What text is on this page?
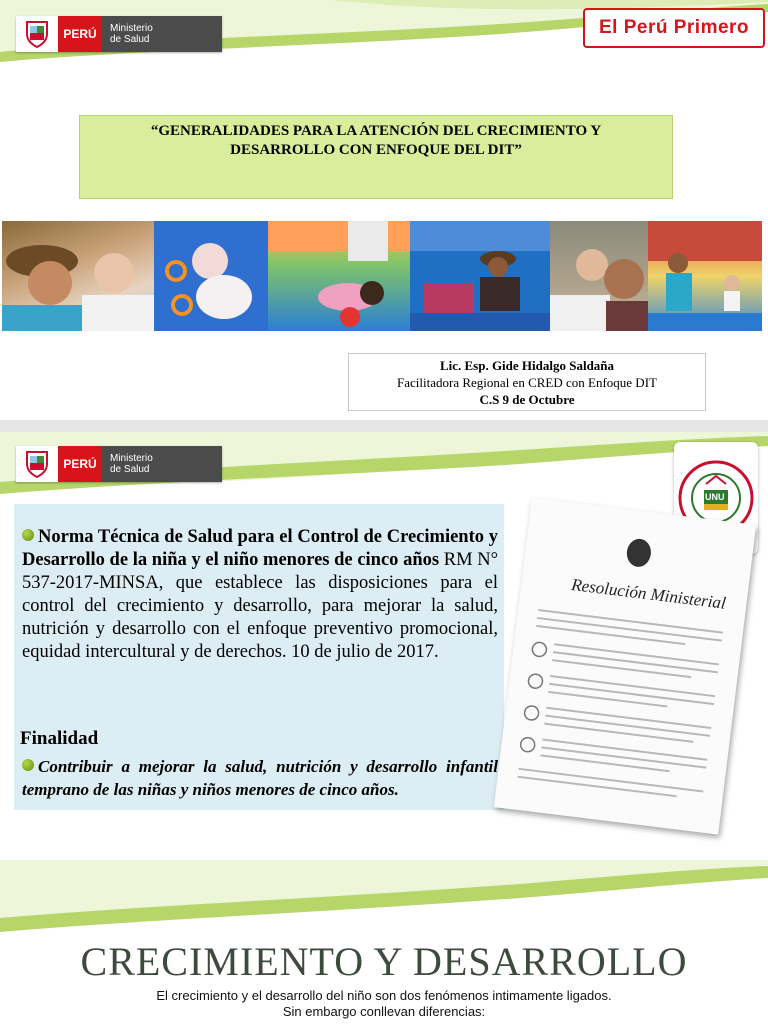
PERÚ	Ministerio
de Salud
El Perú Primero
“GENERALIDADES PARA LA ATENCIÓN DEL CRECIMIENTO Y
DESARROLLO CON ENFOQUE DEL DIT”
Lic. Esp. Gide Hidalgo Saldaña
Facilitadora Regional en CRED con Enfoque DIT
C.S 9 de Octubre
PERÚ	Ministerio
de Salud
UNU
Norma Técnica de Salud para el Control de Crecimiento y Desarrollo de la niña y el niño menores de cinco años RM N° 537-2017-MINSA, que establece las disposiciones para el control del crecimiento y desarrollo, para mejorar la salud, nutrición y desarrollo con el enfoque preventivo promocional, equidad intercultural y de derechos. 10 de julio de 2017.
Finalidad
Contribuir a mejorar la salud, nutrición y desarrollo infantil temprano de las niñas y niños menores de cinco años.
Resolución Ministerial
CRECIMIENTO Y DESARROLLO
El crecimiento y el desarrollo del niño son dos fenómenos intimamente ligados.
Sin embargo conllevan diferencias:
